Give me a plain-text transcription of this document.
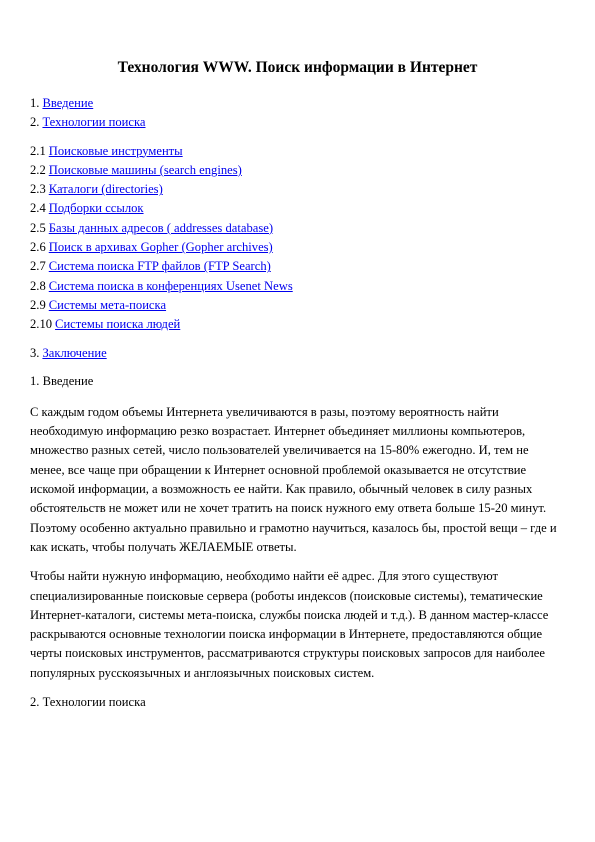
Технология WWW. Поиск информации в Интернет
1. Введение
2. Технологии поиска
2.1 Поисковые инструменты
2.2 Поисковые машины (search engines)
2.3 Каталоги (directories)
2.4 Подборки ссылок
2.5 Базы данных адресов ( addresses database)
2.6 Поиск в архивах Gopher (Gopher archives)
2.7 Система поиска FTP файлов (FTP Search)
2.8 Система поиска в конференциях Usenet News
2.9 Системы мета-поиска
2.10 Системы поиска людей
3. Заключение
1. Введение

С каждым годом объемы Интернета увеличиваются в разы, поэтому вероятность найти необходимую информацию резко возрастает. Интернет объединяет миллионы компьютеров, множество разных сетей, число пользователей увеличивается на 15-80% ежегодно. И, тем не менее, все чаще при обращении к Интернет основной проблемой оказывается не отсутствие искомой информации, а возможность ее найти. Как правило, обычный человек в силу разных обстоятельств не может или не хочет тратить на поиск нужного ему ответа больше 15-20 минут. Поэтому особенно актуально правильно и грамотно научиться, казалось бы, простой вещи – где и как искать, чтобы получать ЖЕЛАЕМЫЕ ответы.

Чтобы найти нужную информацию, необходимо найти её адрес. Для этого существуют специализированные поисковые сервера (роботы индексов (поисковые системы), тематические Интернет-каталоги, системы мета-поиска, службы поиска людей и т.д.). В данном мастер-классе раскрываются основные технологии поиска информации в Интернете, предоставляются общие черты поисковых инструментов, рассматриваются структуры поисковых запросов для наиболее популярных русскоязычных и англоязычных поисковых систем.

2. Технологии поиска
